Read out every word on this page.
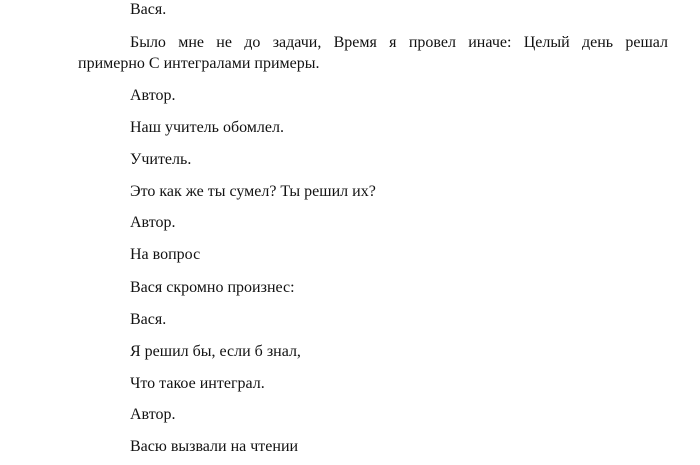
Вася.
Было мне не до задачи, Время я провел иначе: Целый день решал
примерно С интегралами примеры.
Автор.
Наш учитель обомлел.
Учитель.
Это как же ты сумел? Ты решил их?
Автор.
На вопрос
Вася скромно произнес:
Вася.
Я решил бы, если б знал,
Что такое интеграл.
Автор.
Васю вызвали на чтении
